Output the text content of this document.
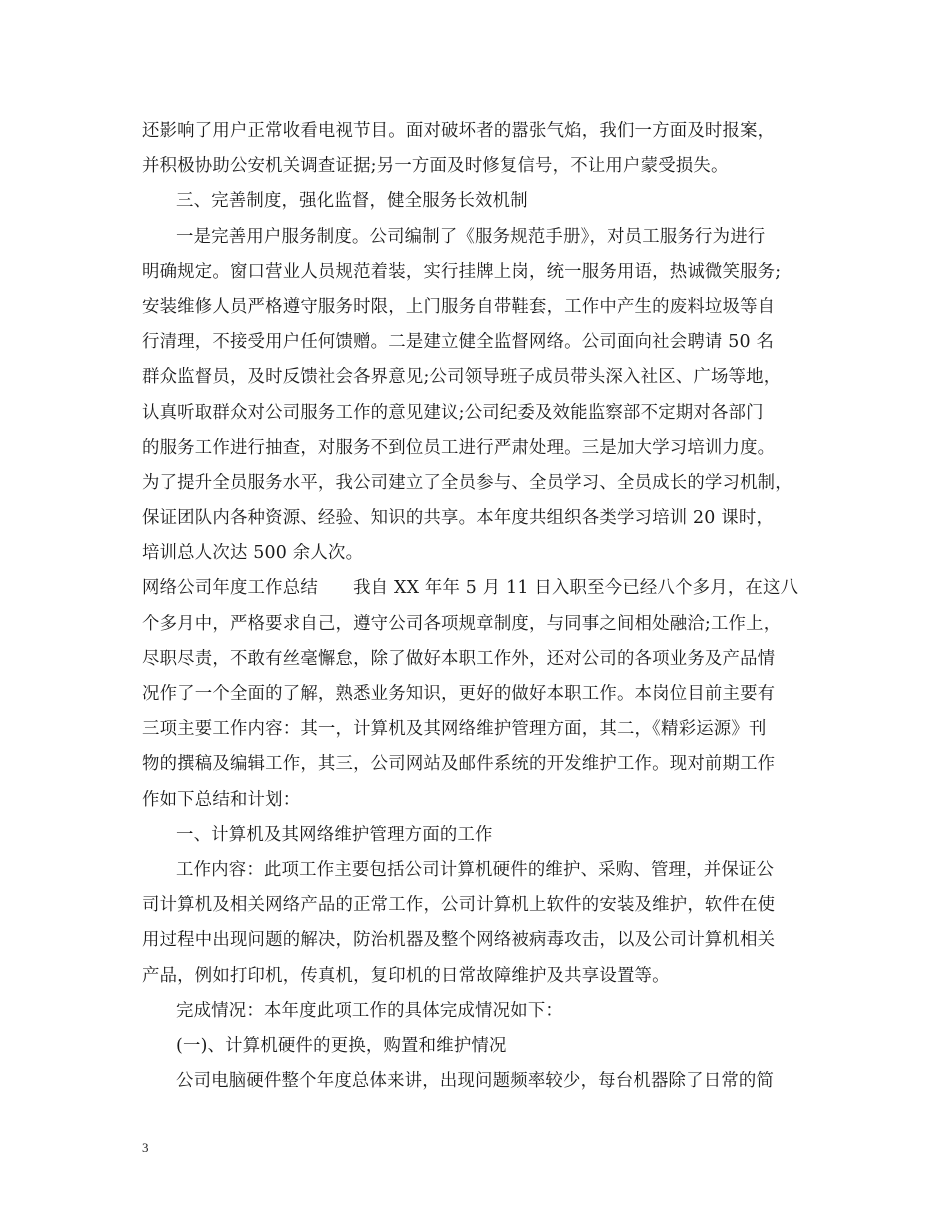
还影响了用户正常收看电视节目。面对破坏者的嚣张气焰，我们一方面及时报案，
并积极协助公安机关调查证据;另一方面及时修复信号，不让用户蒙受损失。
三、完善制度，强化监督，健全服务长效机制
一是完善用户服务制度。公司编制了《服务规范手册》，对员工服务行为进行
明确规定。窗口营业人员规范着装，实行挂牌上岗，统一服务用语，热诚微笑服务;
安装维修人员严格遵守服务时限，上门服务自带鞋套，工作中产生的废料垃圾等自
行清理，不接受用户任何馈赠。二是建立健全监督网络。公司面向社会聘请 50 名
群众监督员，及时反馈社会各界意见;公司领导班子成员带头深入社区、广场等地，
认真听取群众对公司服务工作的意见建议;公司纪委及效能监察部不定期对各部门
的服务工作进行抽查，对服务不到位员工进行严肃处理。三是加大学习培训力度。
为了提升全员服务水平，我公司建立了全员参与、全员学习、全员成长的学习机制，
保证团队内各种资源、经验、知识的共享。本年度共组织各类学习培训 20 课时，
培训总人次达 500 余人次。
网络公司年度工作总结　　我自 XX 年年 5 月 11 日入职至今已经八个多月，在这八
个多月中，严格要求自己，遵守公司各项规章制度，与同事之间相处融洽;工作上，
尽职尽责，不敢有丝毫懈怠，除了做好本职工作外，还对公司的各项业务及产品情
况作了一个全面的了解，熟悉业务知识，更好的做好本职工作。本岗位目前主要有
三项主要工作内容：其一，计算机及其网络维护管理方面，其二，《精彩运源》刊
物的撰稿及编辑工作，其三，公司网站及邮件系统的开发维护工作。现对前期工作
作如下总结和计划：
一、计算机及其网络维护管理方面的工作
工作内容：此项工作主要包括公司计算机硬件的维护、采购、管理，并保证公
司计算机及相关网络产品的正常工作，公司计算机上软件的安装及维护，软件在使
用过程中出现问题的解决，防治机器及整个网络被病毒攻击，以及公司计算机相关
产品，例如打印机，传真机，复印机的日常故障维护及共享设置等。
完成情况：本年度此项工作的具体完成情况如下：
(一)、计算机硬件的更换，购置和维护情况
公司电脑硬件整个年度总体来讲，出现问题频率较少，每台机器除了日常的简
3
